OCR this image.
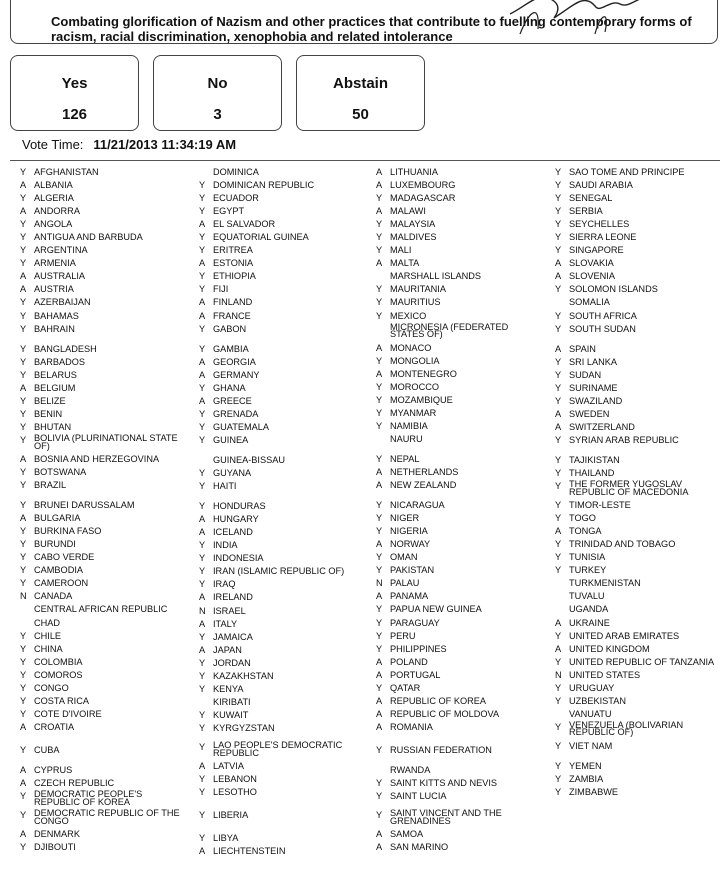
Combating glorification of Nazism and other practices that contribute to fuelling contemporary forms of
racism, racial discrimination, xenophobia and related intolerance
Yes
126
No
3
Abstain
50
Vote Time: 11/21/2013 11:34:19 AM
Y AFGHANISTAN
A ALBANIA
Y ALGERIA
A ANDORRA
Y ANGOLA
Y ANTIGUA AND BARBUDA
Y ARGENTINA
Y ARMENIA
A AUSTRALIA
A AUSTRIA
Y AZERBAIJAN
Y BAHAMAS
Y BAHRAIN
Y BANGLADESH
Y BARBADOS
Y BELARUS
A BELGIUM
Y BELIZE
Y BENIN
Y BHUTAN
Y BOLIVIA (PLURINATIONAL STATE
OF)
A BOSNIA AND HERZEGOVINA
Y BOTSWANA
Y BRAZIL
Y BRUNEI DARUSSALAM
A BULGARIA
Y BURKINA FASO
Y BURUNDI
Y CABO VERDE
Y CAMBODIA
Y CAMEROON
N CANADA
CENTRAL AFRICAN REPUBLIC
CHAD
Y CHILE
Y CHINA
Y COLOMBIA
Y COMOROS
Y CONGO
Y COSTA RICA
Y COTE D'IVOIRE
A CROATIA
Y CUBA
A CYPRUS
A CZECH REPUBLIC
Y DEMOCRATIC PEOPLE'S
REPUBLIC OF KOREA
Y DEMOCRATIC REPUBLIC OF THE
CONGO
A DENMARK
Y DJIBOUTI
DOMINICA
Y DOMINICAN REPUBLIC
Y ECUADOR
Y EGYPT
A EL SALVADOR
Y EQUATORIAL GUINEA
Y ERITREA
A ESTONIA
Y ETHIOPIA
Y FIJI
A FINLAND
A FRANCE
Y GABON
Y GAMBIA
A GEORGIA
A GERMANY
Y GHANA
A GREECE
Y GRENADA
Y GUATEMALA
Y GUINEA
GUINEA-BISSAU
Y GUYANA
Y HAITI
Y HONDURAS
A HUNGARY
A ICELAND
Y INDIA
Y INDONESIA
Y IRAN (ISLAMIC REPUBLIC OF)
Y IRAQ
A IRELAND
N ISRAEL
A ITALY
Y JAMAICA
A JAPAN
Y JORDAN
Y KAZAKHSTAN
Y KENYA
KIRIBATI
Y KUWAIT
Y KYRGYZSTAN
Y LAO PEOPLE'S DEMOCRATIC
REPUBLIC
A LATVIA
Y LEBANON
Y LESOTHO
Y LIBERIA
Y LIBYA
A LIECHTENSTEIN
A LITHUANIA
A LUXEMBOURG
Y MADAGASCAR
A MALAWI
Y MALAYSIA
Y MALDIVES
Y MALI
A MALTA
MARSHALL ISLANDS
Y MAURITANIA
Y MAURITIUS
Y MEXICO
MICRONESIA (FEDERATED
STATES OF)
A MONACO
Y MONGOLIA
A MONTENEGRO
Y MOROCCO
Y MOZAMBIQUE
Y MYANMAR
Y NAMIBIA
NAURU
Y NEPAL
A NETHERLANDS
A NEW ZEALAND
Y NICARAGUA
Y NIGER
Y NIGERIA
A NORWAY
Y OMAN
Y PAKISTAN
N PALAU
A PANAMA
Y PAPUA NEW GUINEA
Y PARAGUAY
Y PERU
Y PHILIPPINES
A POLAND
A PORTUGAL
Y QATAR
A REPUBLIC OF KOREA
A REPUBLIC OF MOLDOVA
A ROMANIA
Y RUSSIAN FEDERATION
RWANDA
Y SAINT KITTS AND NEVIS
Y SAINT LUCIA
Y SAINT VINCENT AND THE
GRENADINES
A SAMOA
A SAN MARINO
Y SAO TOME AND PRINCIPE
Y SAUDI ARABIA
Y SENEGAL
Y SERBIA
Y SEYCHELLES
Y SIERRA LEONE
Y SINGAPORE
A SLOVAKIA
A SLOVENIA
Y SOLOMON ISLANDS
SOMALIA
Y SOUTH AFRICA
Y SOUTH SUDAN
A SPAIN
Y SRI LANKA
Y SUDAN
Y SURINAME
Y SWAZILAND
A SWEDEN
A SWITZERLAND
Y SYRIAN ARAB REPUBLIC
Y TAJIKISTAN
Y THAILAND
Y THE FORMER YUGOSLAV
REPUBLIC OF MACEDONIA
Y TIMOR-LESTE
Y TOGO
A TONGA
Y TRINIDAD AND TOBAGO
Y TUNISIA
Y TURKEY
TURKMENISTAN
TUVALU
UGANDA
A UKRAINE
Y UNITED ARAB EMIRATES
A UNITED KINGDOM
Y UNITED REPUBLIC OF TANZANIA
N UNITED STATES
Y URUGUAY
Y UZBEKISTAN
VANUATU
Y VENEZUELA (BOLIVARIAN
REPUBLIC OF)
Y VIET NAM
Y YEMEN
Y ZAMBIA
Y ZIMBABWE
